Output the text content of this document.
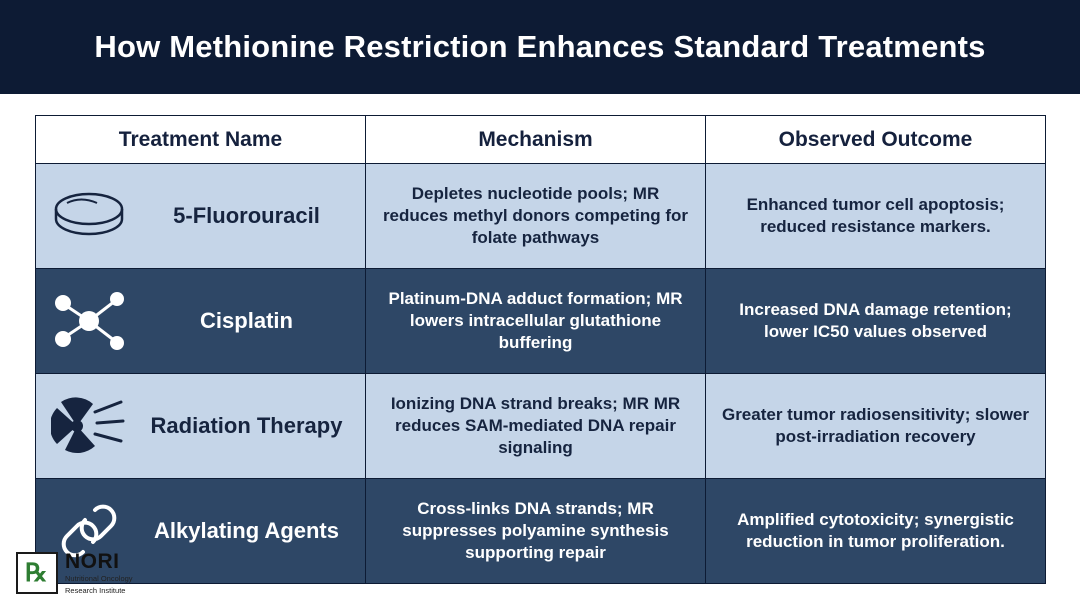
How Methionine Restriction Enhances Standard Treatments
Treatment Name	Mechanism	Observed Outcome

5-Fluorouracil	Depletes nucleotide pools; MR reduces methyl donors competing for folate pathways	Enhanced tumor cell apoptosis; reduced resistance markers.

Cisplatin	Platinum-DNA adduct formation; MR lowers intracellular glutathione buffering	Increased DNA damage retention; lower IC50 values observed

Radiation Therapy	Ionizing DNA strand breaks; MR MR reduces SAM-mediated DNA repair signaling	Greater tumor radiosensitivity; slower post-irradiation recovery

Alkylating Agents	Cross-links DNA strands; MR suppresses polyamine synthesis supporting repair	Amplified cytotoxicity; synergistic reduction in tumor proliferation.
℞ NORI
Nutritional Oncology
Research Institute
